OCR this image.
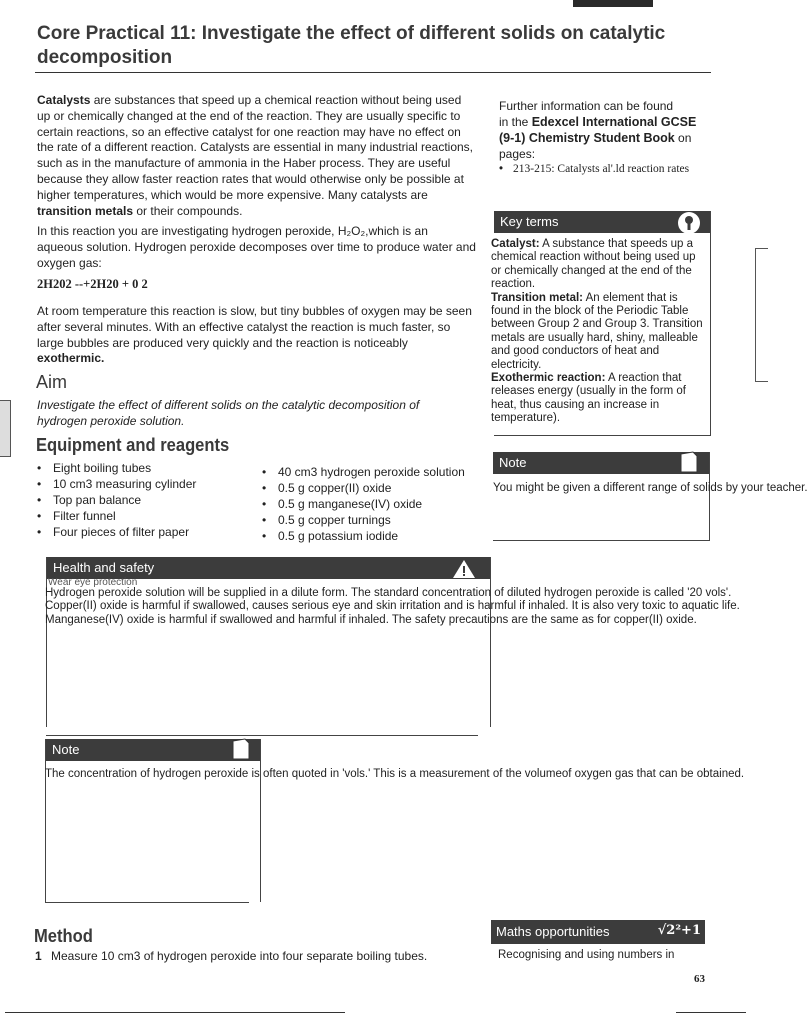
Core Practical 11: Investigate the effect of different solids on catalytic decomposition
Catalysts are substances that speed up a chemical reaction without being used up or chemically changed at the end of the reaction. They are usually specific to certain reactions, so an effective catalyst for one reaction may have no effect on the rate of a different reaction. Catalysts are essential in many industrial reactions, such as in the manufacture of ammonia in the Haber process. They are useful because they allow faster reaction rates that would otherwise only be possible at higher temperatures, which would be more expensive. Many catalysts are transition metals or their compounds.
In this reaction you are investigating hydrogen peroxide, H₂O₂,which is an aqueous solution. Hydrogen peroxide decomposes over time to produce water and oxygen gas:
2H202 --+2H20 + 0 2
At room temperature this reaction is slow, but tiny bubbles of oxygen may be seen after several minutes. With an effective catalyst the reaction is much faster, so large bubbles are produced very quickly and the reaction is noticeably exothermic.
Aim
Investigate the effect of different solids on the catalytic decomposition of hydrogen peroxide solution.
Equipment and reagents
• Eight boiling tubes
• 10 cm3 measuring cylinder
• Top pan balance
• Filter funnel
• Four pieces of filter paper
• 40 cm3 hydrogen peroxide solution
• 0.5 g copper(II) oxide
• 0.5 g manganese(IV) oxide
• 0.5 g copper turnings
• 0.5 g potassium iodide
Further information can be found
in the Edexcel International GCSE (9-1) Chemistry Student Book on pages:
• 213-215: Catalysts al'.ld reaction rates
Key terms
Catalyst: A substance that speeds up a chemical reaction without being used up or chemically changed at the end of the reaction.
Transition metal: An element that is found in the block of the Periodic Table between Group 2 and Group 3. Transition metals are usually hard, shiny, malleable and good conductors of heat and electricity.
Exothermic reaction: A reaction that releases energy (usually in the form of heat, thus causing an increase in temperature).
Note
You might be given a different range of solids by your teacher.
Health and safety
Wear eye protection
Hydrogen peroxide solution will be supplied in a dilute form. The standard concentration of diluted hydrogen peroxide is called '20 vols'.
Copper(II) oxide is harmful if swallowed, causes serious eye and skin irritation and is harmful if inhaled. It is also very toxic to aquatic life.
Manganese(IV) oxide is harmful if swallowed and harmful if inhaled. The safety precautions are the same as for copper(II) oxide.
Note
The concentration of hydrogen peroxide is often quoted in 'vols.' This is a measurement of the volumeof oxygen gas that can be obtained.
Method
1 Measure 10 cm3 of hydrogen peroxide into four separate boiling tubes.
Maths opportunities	√2²+1
Recognising and using numbers in
63
